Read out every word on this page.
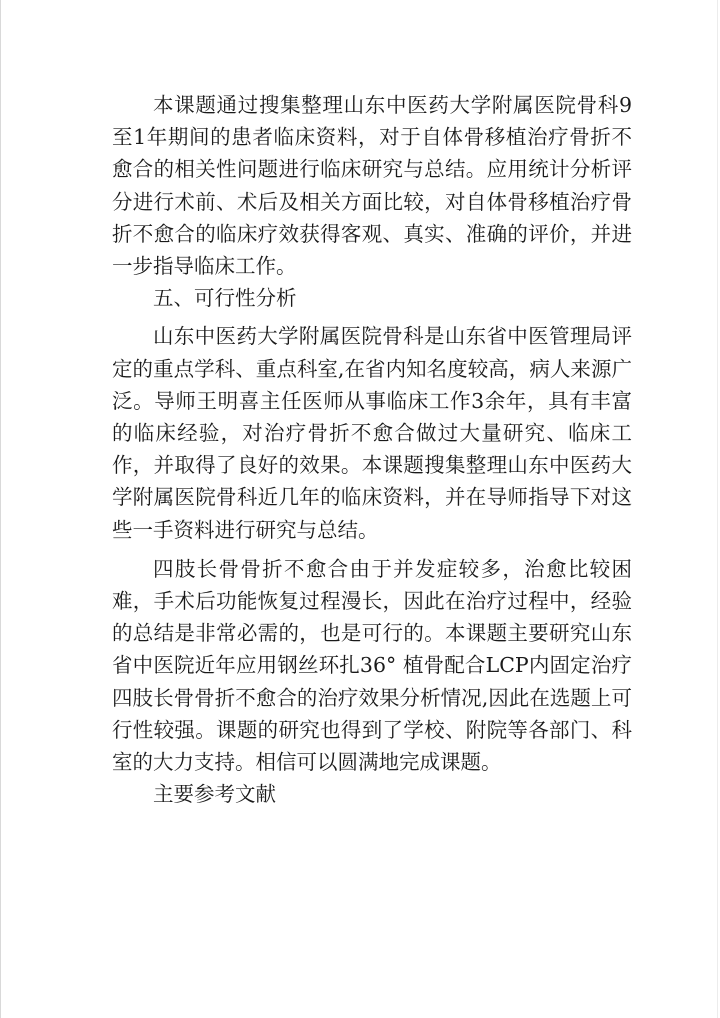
本课题通过搜集整理山东中医药大学附属医院骨科9至1年期间的患者临床资料，对于自体骨移植治疗骨折不愈合的相关性问题进行临床研究与总结。应用统计分析评分进行术前、术后及相关方面比较，对自体骨移植治疗骨折不愈合的临床疗效获得客观、真实、准确的评价，并进一步指导临床工作。

五、可行性分析

山东中医药大学附属医院骨科是山东省中医管理局评定的重点学科、重点科室,在省内知名度较高，病人来源广泛。导师王明喜主任医师从事临床工作3余年，具有丰富的临床经验，对治疗骨折不愈合做过大量研究、临床工作，并取得了良好的效果。本课题搜集整理山东中医药大学附属医院骨科近几年的临床资料，并在导师指导下对这些一手资料进行研究与总结。

四肢长骨骨折不愈合由于并发症较多，治愈比较困难，手术后功能恢复过程漫长，因此在治疗过程中，经验的总结是非常必需的，也是可行的。本课题主要研究山东省中医院近年应用钢丝环扎36° 植骨配合LCP内固定治疗四肢长骨骨折不愈合的治疗效果分析情况,因此在选题上可行性较强。课题的研究也得到了学校、附院等各部门、科室的大力支持。相信可以圆满地完成课题。

主要参考文献
